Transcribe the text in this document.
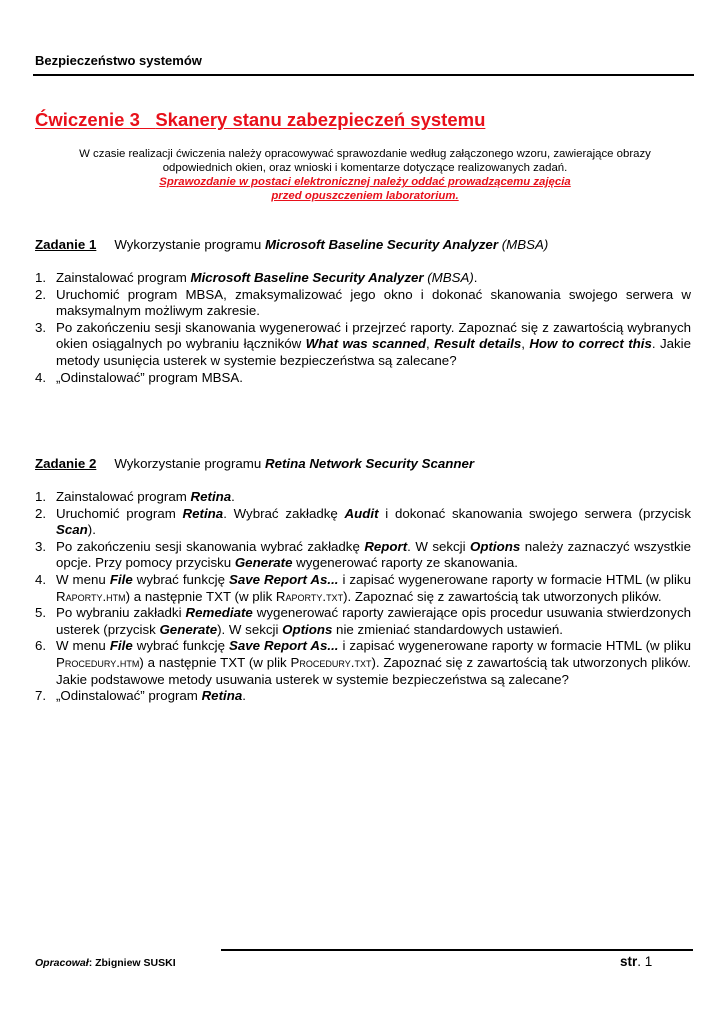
Bezpieczeństwo systemów
Ćwiczenie 3 Skanery stanu zabezpieczeń systemu
W czasie realizacji ćwiczenia należy opracowywać sprawozdanie według załączonego wzoru, zawierające obrazy
odpowiednich okien, oraz wnioski i komentarze dotyczące realizowanych zadań.
Sprawozdanie w postaci elektronicznej należy oddać prowadzącemu zajęcia
przed opuszczeniem laboratorium.
Zadanie 1 Wykorzystanie programu Microsoft Baseline Security Analyzer (MBSA)
1. Zainstalować program Microsoft Baseline Security Analyzer (MBSA).
2. Uruchomić program MBSA, zmaksymalizować jego okno i dokonać skanowania swojego serwera w maksymalnym możliwym zakresie.
3. Po zakończeniu sesji skanowania wygenerować i przejrzeć raporty. Zapoznać się z zawartością wybranych okien osiągalnych po wybraniu łączników What was scanned, Result details, How to correct this. Jakie metody usunięcia usterek w systemie bezpieczeństwa są zalecane?
4. „Odinstalować” program MBSA.
Zadanie 2 Wykorzystanie programu Retina Network Security Scanner
1. Zainstalować program Retina.
2. Uruchomić program Retina. Wybrać zakładkę Audit i dokonać skanowania swojego serwera (przycisk Scan).
3. Po zakończeniu sesji skanowania wybrać zakładkę Report. W sekcji Options należy zaznaczyć wszystkie opcje. Przy pomocy przycisku Generate wygenerować raporty ze skanowania.
4. W menu File wybrać funkcję Save Report As... i zapisać wygenerowane raporty w formacie HTML (w pliku Raporty.htm) a następnie TXT (w plik Raporty.txt). Zapoznać się z zawartością tak utworzonych plików.
5. Po wybraniu zakładki Remediate wygenerować raporty zawierające opis procedur usuwania stwierdzonych usterek (przycisk Generate). W sekcji Options nie zmieniać standardowych ustawień.
6. W menu File wybrać funkcję Save Report As... i zapisać wygenerowane raporty w formacie HTML (w pliku Procedury.htm) a następnie TXT (w plik Procedury.txt). Zapoznać się z zawartością tak utworzonych plików. Jakie podstawowe metody usuwania usterek w systemie bezpieczeństwa są zalecane?
7. „Odinstalować” program Retina.
Opracował: Zbigniew SUSKI	str. 1
